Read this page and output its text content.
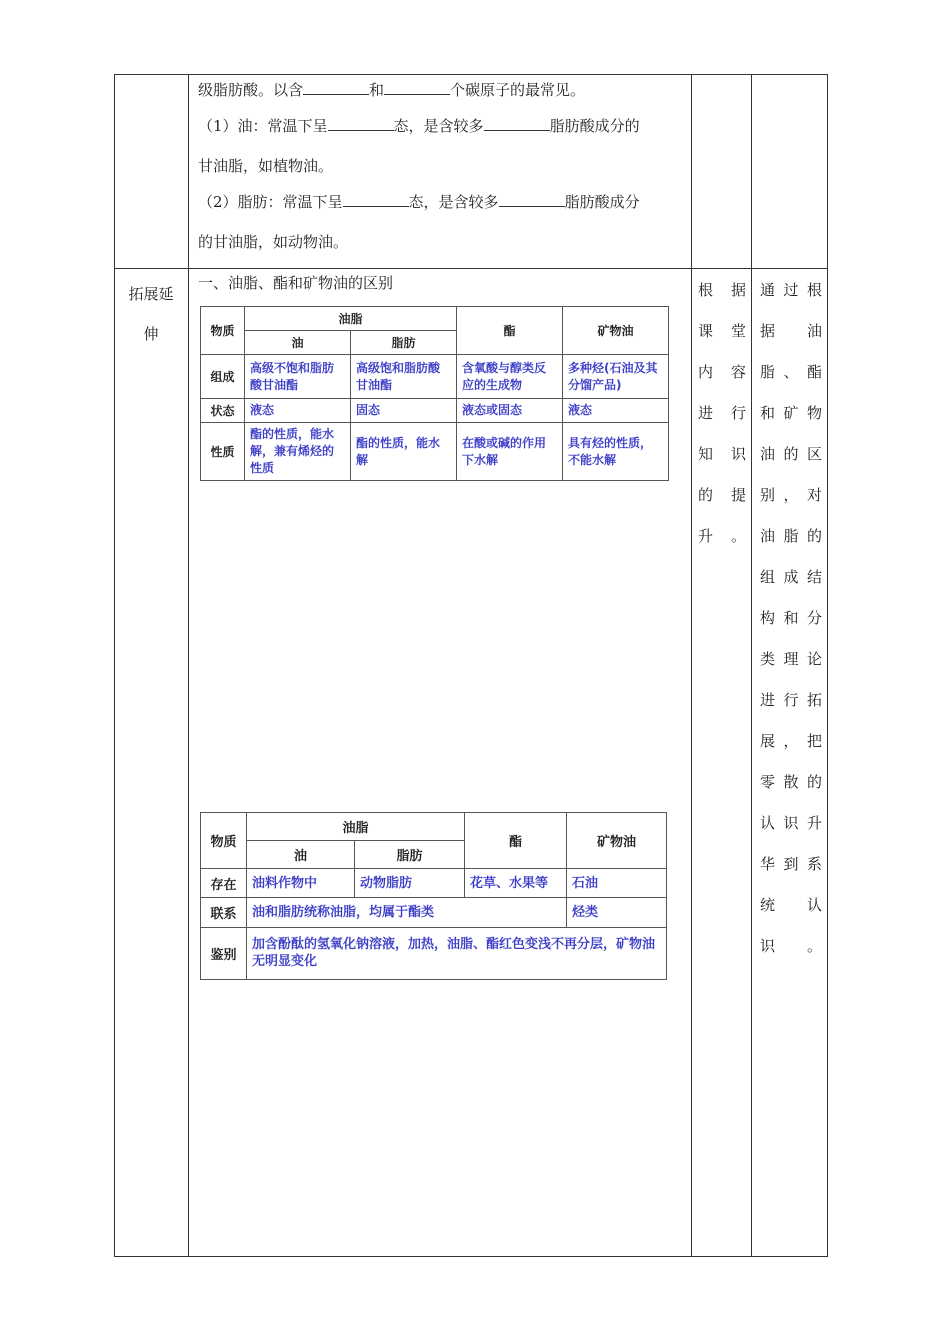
级脂肪酸。以含	和	个碳原子的最常见。

（1）油：常温下呈	态，是含较多	脂肪酸成分的

甘油脂，如植物油。

（2）脂肪：常温下呈	态，是含较多	脂肪酸成分

的甘油脂，如动物油。

拓展延
伸
一、油脂、酯和矿物油的区别	根 据
课 堂
内 容
进 行
知 识
的 提
升。
通过根
据 油
脂、酯
和矿物
油的区
别，对
油脂的
组成结
构和分
类理论
进行拓
展，把
零散的
认识升
华到系
统 认
识。
物质	油脂		酯	矿物油
	油	脂肪		
组成	高级不饱和脂肪酸甘油酯	高级饱和脂肪酸甘油酯	含氧酸与醇类反应的生成物	多种烃(石油及其分馏产品)
状态	液态	固态	液态或固态	液态
性质	酯的性质，能水解，兼有烯烃的性质	酯的性质，能水解	在酸或碱的作用下水解	具有烃的性质，不能水解
物质	油脂		酯	矿物油
	油	脂肪		
存在	油料作物中	动物脂肪	花草、水果等	石油
联系	油和脂肪统称油脂，均属于酯类			烃类
鉴别	加含酚酞的氢氧化钠溶液，加热，油脂、酯红色变浅不再分层，矿物油无明显变化			
